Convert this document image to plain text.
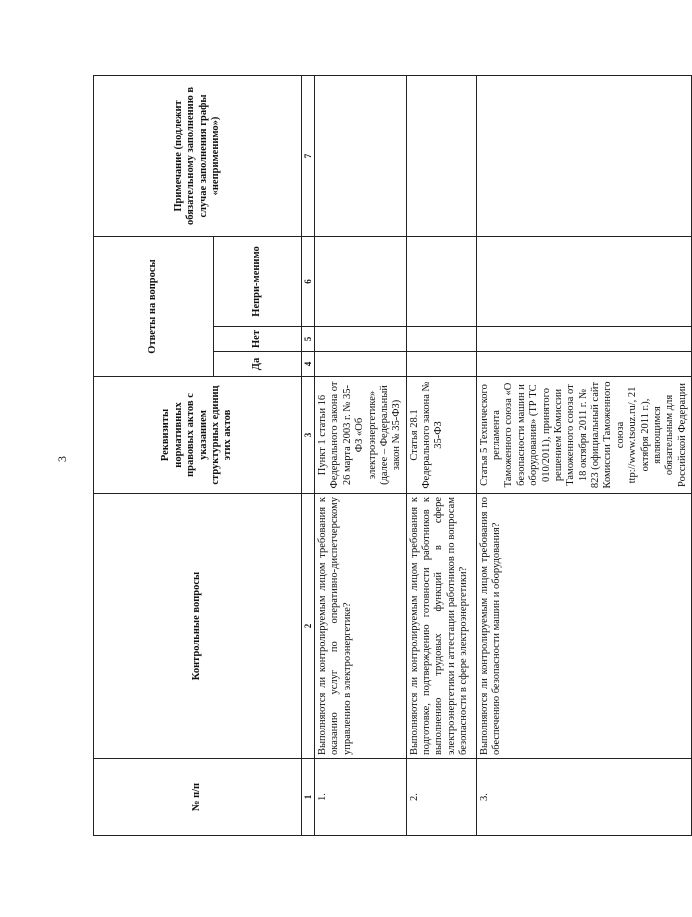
3
№ п/п	Контрольные вопросы	Реквизиты нормативных правовых актов с указанием структурных единиц этих актов	Ответы на вопросы			Примечание (подлежит обязательному заполнению в случае заполнения графы «неприменимо»)
			Да	Нет	Непри-менимо	
1	2	3	4	5	6	7
1.	Выполняются ли контролируемым лицом требования к оказанию услуг по оперативно-диспетчерскому управлению в электроэнергетике?	Пункт 1 статьи 16 Федерального закона от 26 марта 2003 г. № 35-ФЗ «Об электроэнергетике» (далее – Федеральный закон № 35-ФЗ)				
2.	Выполняются ли контролируемым лицом требования к подготовке, подтверждению готовности работников к выполнению трудовых функций в сфере электроэнергетики и аттестации работников по вопросам безопасности в сфере электроэнергетики?	Статья 28.1 Федерального закона № 35-ФЗ				
3.	Выполняются ли контролируемым лицом требования по обеспечению безопасности машин и оборудования?	Статья 5 Технического регламента Таможенного союза «О безопасности машин и оборудования» (ТР ТС 010/2011), принятого решением Комиссии Таможенного союза от 18 октября 2011 г. № 823 (официальный сайт Комиссии Таможенного союза ttp://www.tsouz.ru/, 21 октября 2011 г.), являющимся обязательным для Российской Федерации				
